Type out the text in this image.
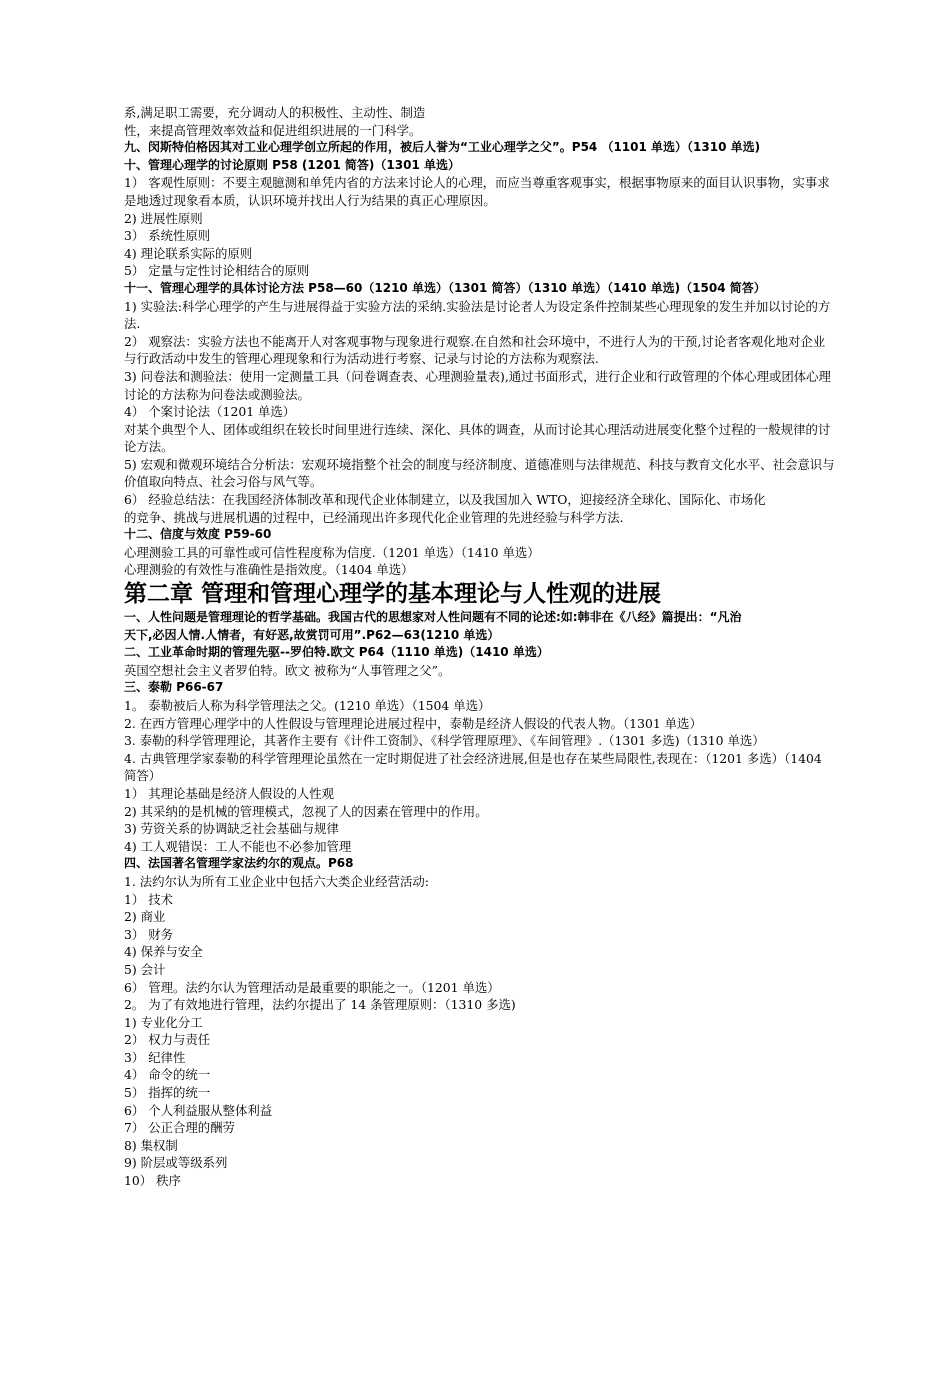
系,满足职工需要，充分调动人的积极性、主动性、制造
性，来提高管理效率效益和促进组织进展的一门科学。
九、闵斯特伯格因其对工业心理学创立所起的作用，被后人誉为“工业心理学之父”。P54 （1101 单选）（1310 单选)
十、管理心理学的讨论原则 P58 (1201 简答)（1301 单选）
1） 客观性原则：不要主观臆测和单凭内省的方法来讨论人的心理，而应当尊重客观事实，根据事物原来的面目认识事物，实事求是地透过现象看本质，认识环境并找出人行为结果的真正心理原因。
2) 进展性原则
3） 系统性原则
4) 理论联系实际的原则
5） 定量与定性讨论相结合的原则
十一、管理心理学的具体讨论方法 P58—60（1210 单选）（1301 简答）（1310 单选）（1410 单选)（1504 简答）
1) 实验法:科学心理学的产生与进展得益于实验方法的采纳.实验法是讨论者人为设定条件控制某些心理现象的发生并加以讨论的方法.
2） 观察法：实验方法也不能离开人对客观事物与现象进行观察.在自然和社会环境中，不进行人为的干预,讨论者客观化地对企业与行政活动中发生的管理心理现象和行为活动进行考察、记录与讨论的方法称为观察法.
3) 问卷法和测验法：使用一定测量工具（问卷调查表、心理测验量表),通过书面形式，进行企业和行政管理的个体心理或团体心理讨论的方法称为问卷法或测验法。
4） 个案讨论法（1201 单选）
对某个典型个人、团体或组织在较长时间里进行连续、深化、具体的调查，从而讨论其心理活动进展变化整个过程的一般规律的讨论方法。
5) 宏观和微观环境结合分析法：宏观环境指整个社会的制度与经济制度、道德准则与法律规范、科技与教育文化水平、社会意识与价值取向特点、社会习俗与风气等。
6） 经验总结法：在我国经济体制改革和现代企业体制建立，以及我国加入 WTO，迎接经济全球化、国际化、市场化
的竞争、挑战与进展机遇的过程中，已经涌现出许多现代化企业管理的先进经验与科学方法.
十二、信度与效度 P59-60
心理测验工具的可靠性或可信性程度称为信度.（1201 单选）（1410 单选）
心理测验的有效性与准确性是指效度。（1404 单选）
第二章 管理和管理心理学的基本理论与人性观的进展
一、人性问题是管理理论的哲学基础。我国古代的思想家对人性问题有不同的论述:如:韩非在《八经》篇提出：“凡治
天下,必因人情.人情者，有好恶,故赏罚可用”.P62—63(1210 单选）
二、工业革命时期的管理先驱--罗伯特.欧文 P64（1110 单选)（1410 单选）
英国空想社会主义者罗伯特。欧文 被称为“人事管理之父”。
三、泰勒 P66-67
1。 泰勒被后人称为科学管理法之父。(1210 单选）（1504 单选）
2. 在西方管理心理学中的人性假设与管理理论进展过程中，泰勒是经济人假设的代表人物。（1301 单选）
3. 泰勒的科学管理理论，其著作主要有《计件工资制》、《科学管理原理》、《车间管理》.（1301 多选)（1310 单选）
4. 古典管理学家泰勒的科学管理理论虽然在一定时期促进了社会经济进展,但是也存在某些局限性,表现在：（1201 多选）（1404 简答）
1） 其理论基础是经济人假设的人性观
2) 其采纳的是机械的管理模式，忽视了人的因素在管理中的作用。
3) 劳资关系的协调缺乏社会基础与规律
4) 工人观错误：工人不能也不必参加管理
四、法国著名管理学家法约尔的观点。P68
1. 法约尔认为所有工业企业中包括六大类企业经营活动:
1） 技术
2) 商业
3） 财务
4) 保养与安全
5) 会计
6） 管理。法约尔认为管理活动是最重要的职能之一。（1201 单选）
2。 为了有效地进行管理，法约尔提出了 14 条管理原则：（1310 多选)
1) 专业化分工
2） 权力与责任
3） 纪律性
4） 命令的统一
5） 指挥的统一
6） 个人利益服从整体利益
7） 公正合理的酬劳
8) 集权制
9) 阶层或等级系列
10） 秩序
